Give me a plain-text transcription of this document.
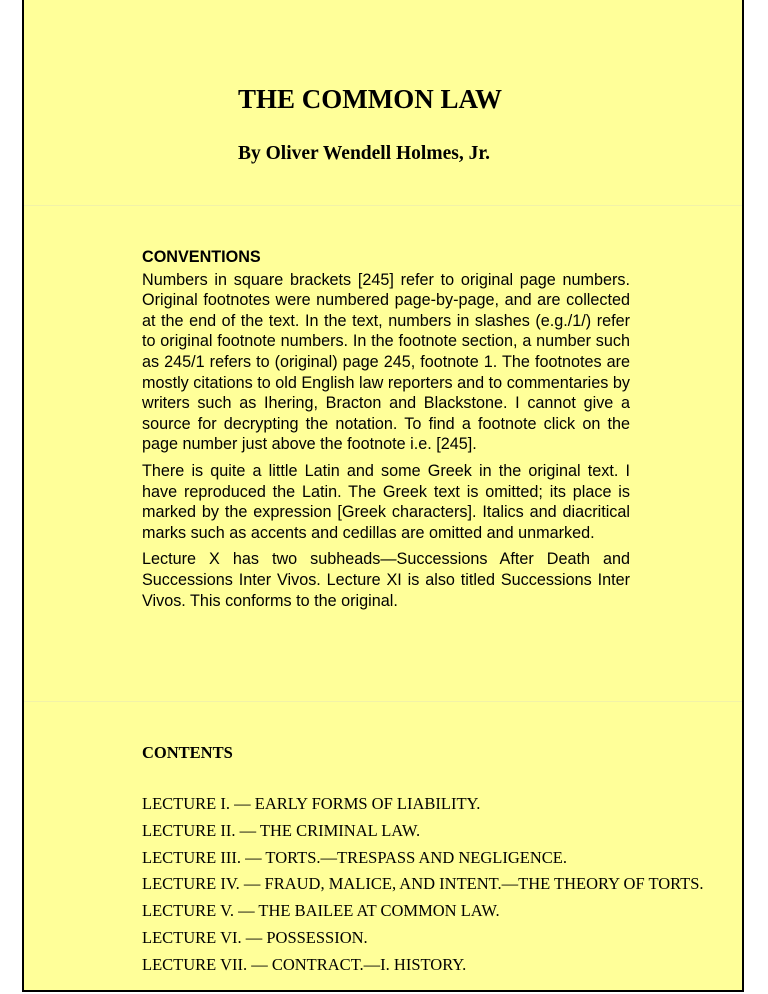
THE COMMON LAW
By Oliver Wendell Holmes, Jr.
CONVENTIONS

Numbers in square brackets [245] refer to original page numbers. Original footnotes were numbered page-by-page, and are collected at the end of the text. In the text, numbers in slashes (e.g./1/) refer to original footnote numbers. In the footnote section, a number such as 245/1 refers to (original) page 245, footnote 1. The footnotes are mostly citations to old English law reporters and to commentaries by writers such as Ihering, Bracton and Blackstone. I cannot give a source for decrypting the notation. To find a footnote click on the page number just above the footnote i.e. [245].

There is quite a little Latin and some Greek in the original text. I have reproduced the Latin. The Greek text is omitted; its place is marked by the expression [Greek characters]. Italics and diacritical marks such as accents and cedillas are omitted and unmarked.

Lecture X has two subheads—Successions After Death and Successions Inter Vivos. Lecture XI is also titled Successions Inter Vivos. This conforms to the original.

CONTENTS
LECTURE I. — EARLY FORMS OF LIABILITY.
LECTURE II. — THE CRIMINAL LAW.
LECTURE III. — TORTS.—TRESPASS AND NEGLIGENCE.
LECTURE IV. — FRAUD, MALICE, AND INTENT.—THE THEORY OF TORTS.
LECTURE V. — THE BAILEE AT COMMON LAW.
LECTURE VI. — POSSESSION.
LECTURE VII. — CONTRACT.—I. HISTORY.
